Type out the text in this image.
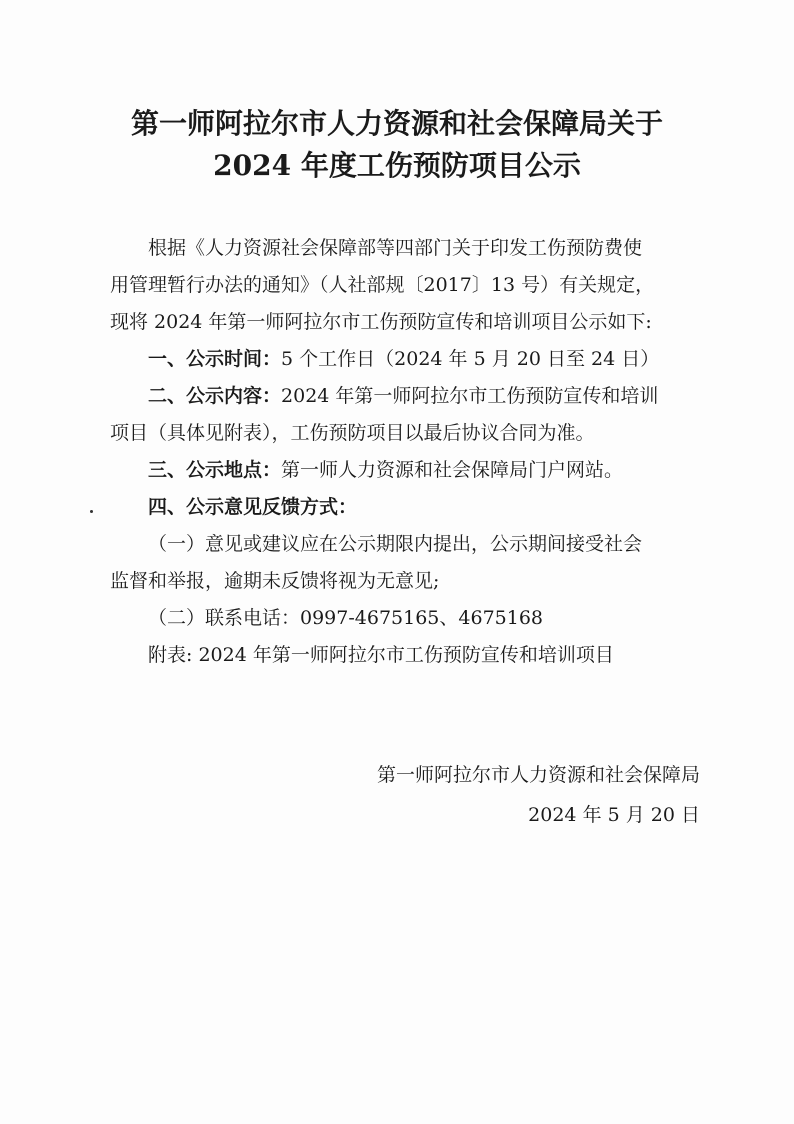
第一师阿拉尔市人力资源和社会保障局关于
2024 年度工伤预防项目公示
根据《人力资源社会保障部等四部门关于印发工伤预防费使
用管理暂行办法的通知》（人社部规〔2017〕13 号）有关规定，
现将 2024 年第一师阿拉尔市工伤预防宣传和培训项目公示如下:
一、公示时间：5 个工作日（2024 年 5 月 20 日至 24 日）
二、公示内容：2024 年第一师阿拉尔市工伤预防宣传和培训
项目（具体见附表），工伤预防项目以最后协议合同为准。
三、公示地点：第一师人力资源和社会保障局门户网站。
四、公示意见反馈方式：
（一）意见或建议应在公示期限内提出，公示期间接受社会
监督和举报，逾期未反馈将视为无意见;
（二）联系电话：0997-4675165、4675168
附表: 2024 年第一师阿拉尔市工伤预防宣传和培训项目
第一师阿拉尔市人力资源和社会保障局
2024 年 5 月 20 日
